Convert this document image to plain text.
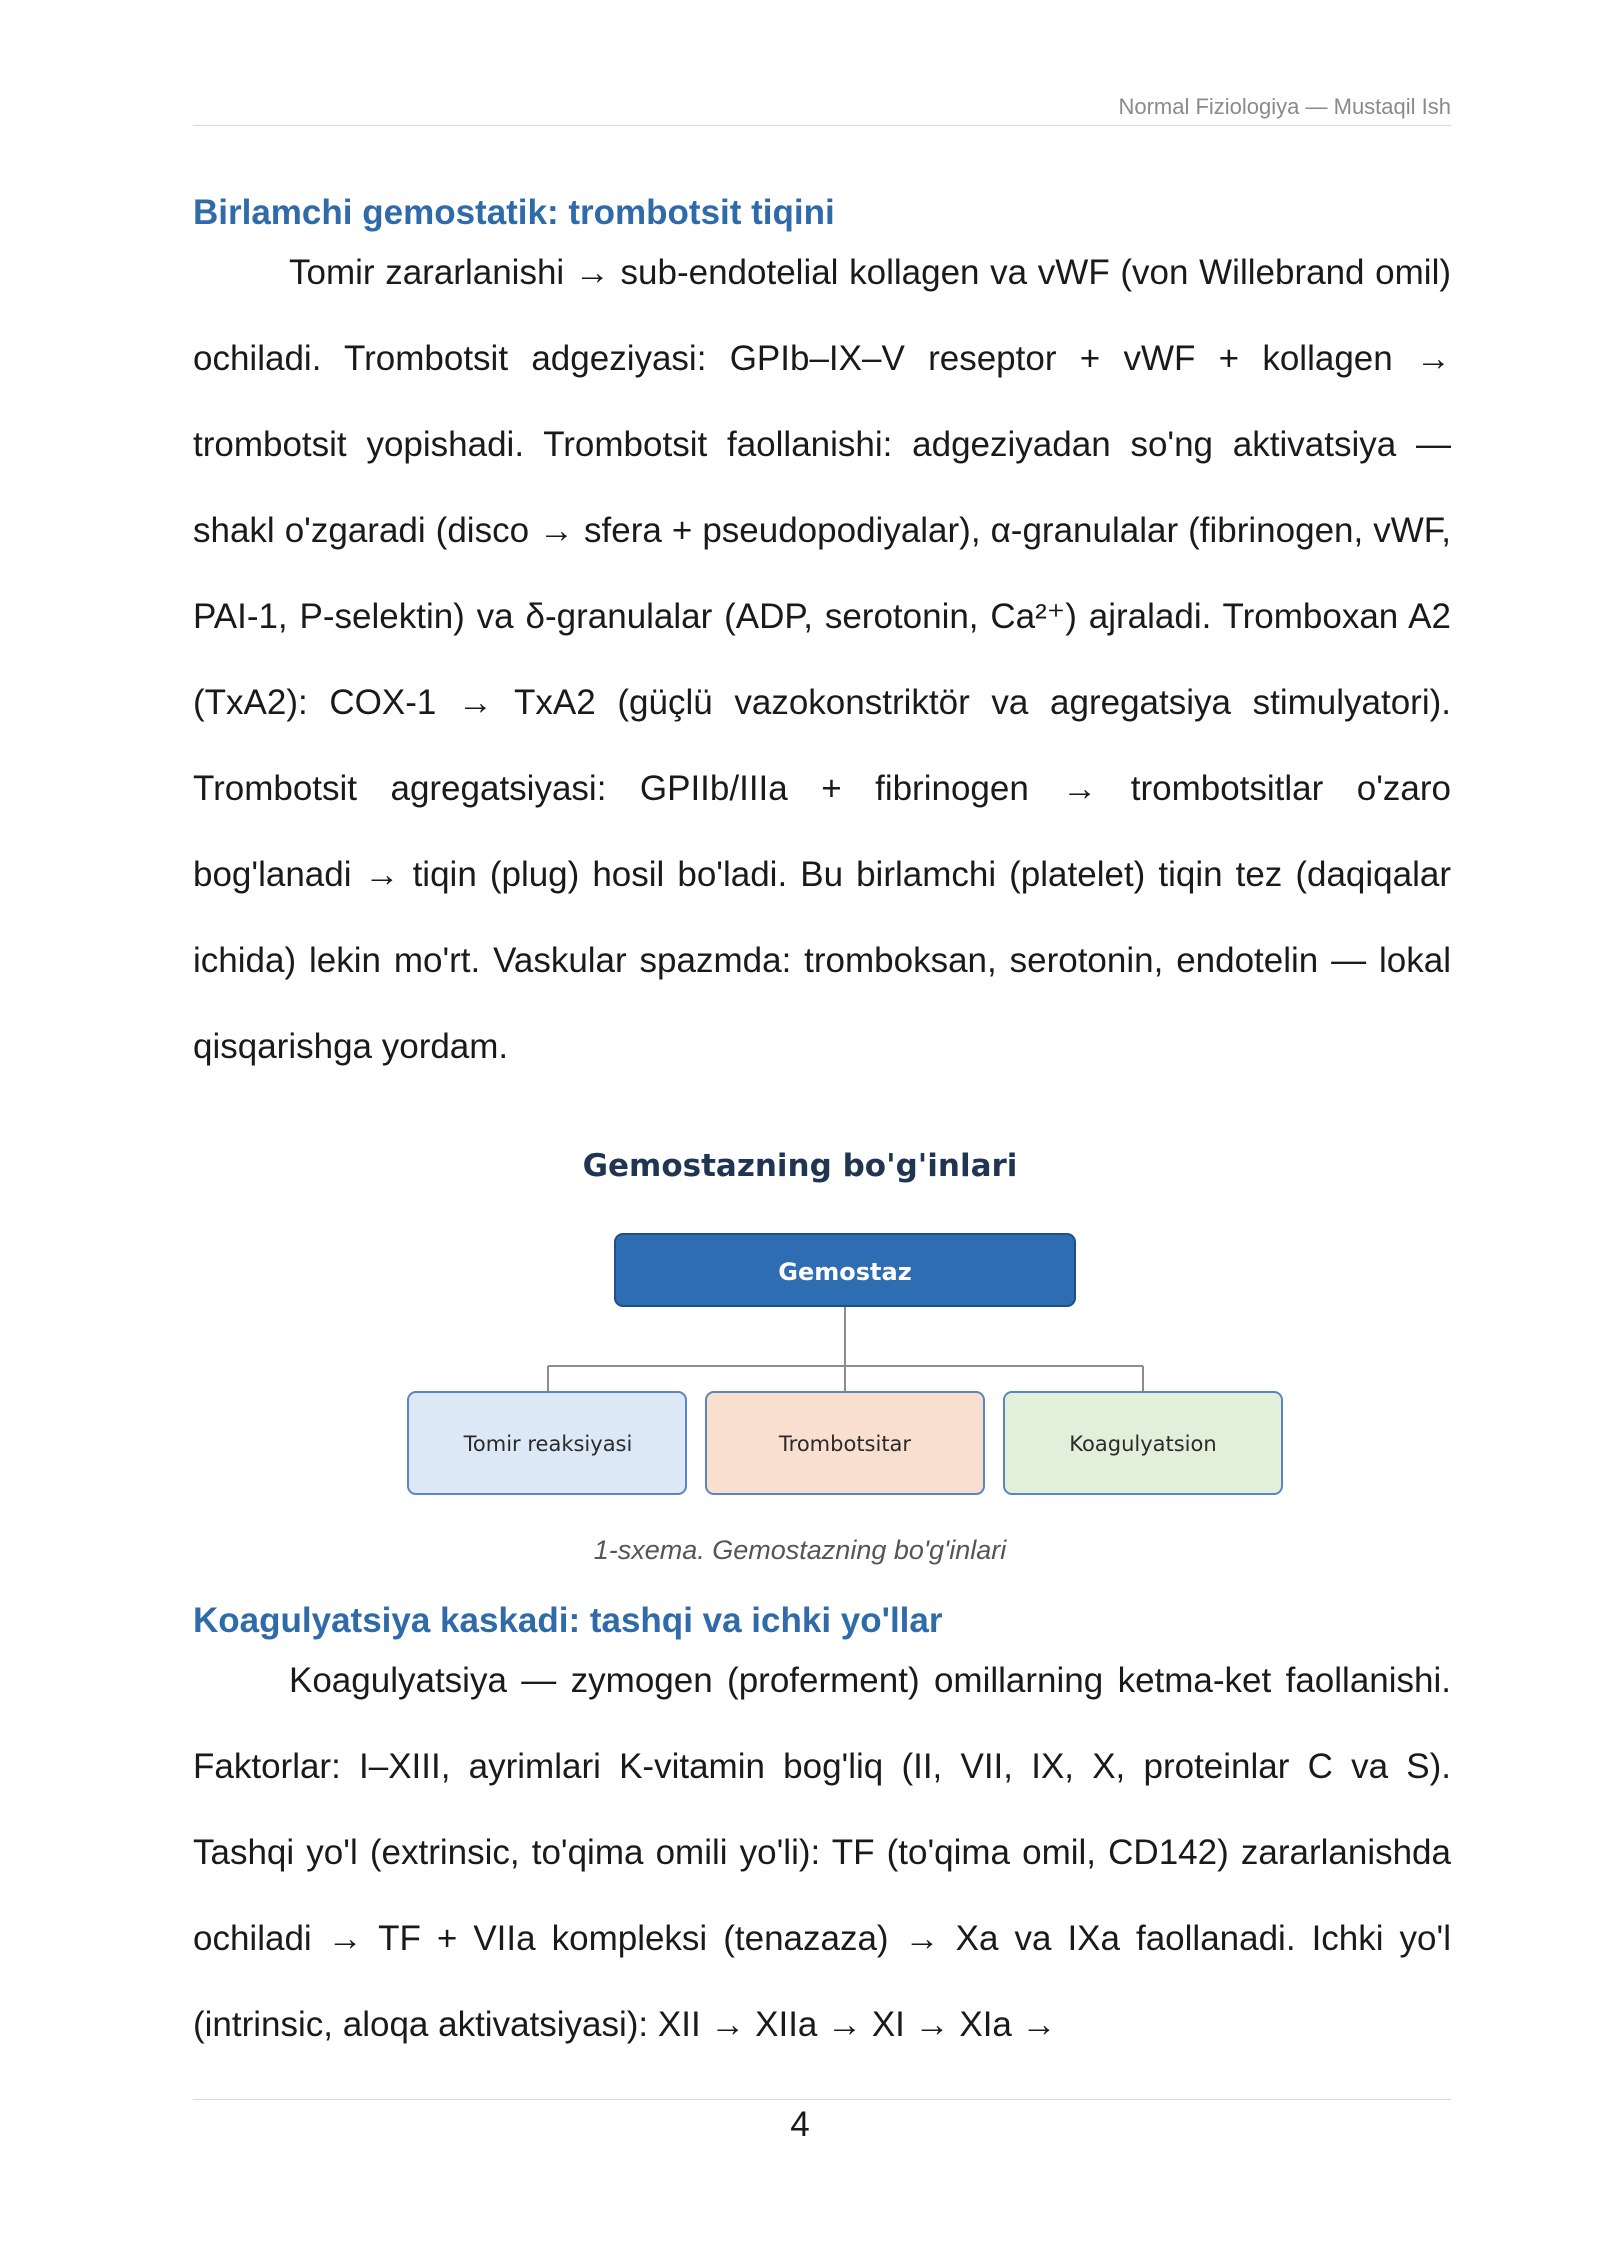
Normal Fiziologiya — Mustaqil Ish
Birlamchi gemostatik: trombotsit tiqini

Tomir zararlanishi → sub-endotelial kollagen va vWF (von Willebrand omil) ochiladi. Trombotsit adgeziyasi: GPIb–IX–V reseptor + vWF + kollagen → trombotsit yopishadi. Trombotsit faollanishi: adgeziyadan so'ng aktivatsiya — shakl o'zgaradi (disco → sfera + pseudopodiyalar), α-granulalar (fibrinogen, vWF, PAI-1, P-selektin) va δ-granulalar (ADP, serotonin, Ca²⁺) ajraladi. Tromboxan A2 (TxA2): COX-1 → TxA2 (güçlü vazokonstriktör va agregatsiya stimulyatori). Trombotsit agregatsiyasi: GPIIb/IIIa + fibrinogen → trombotsitlar o'zaro bog'lanadi → tiqin (plug) hosil bo'ladi. Bu birlamchi (platelet) tiqin tez (daqiqalar ichida) lekin mo'rt. Vaskular spazmda: tromboksan, serotonin, endotelin — lokal qisqarishga yordam.

Gemostazning bo'g'inlari
Gemostaz
Tomir reaksiyasi	Trombotsitar	Koagulyatsion
1-sxema. Gemostazning bo'g'inlari
Koagulyatsiya kaskadi: tashqi va ichki yo'llar

Koagulyatsiya — zymogen (proferment) omillarning ketma-ket faollanishi. Faktorlar: I–XIII, ayrimlari K-vitamin bog'liq (II, VII, IX, X, proteinlar C va S). Tashqi yo'l (extrinsic, to'qima omili yo'li): TF (to'qima omil, CD142) zararlanishda ochiladi → TF + VIIa kompleksi (tenazaza) → Xa va IXa faollanadi. Ichki yo'l (intrinsic, aloqa aktivatsiyasi): XII → XIIa → XI → XIa →

4
